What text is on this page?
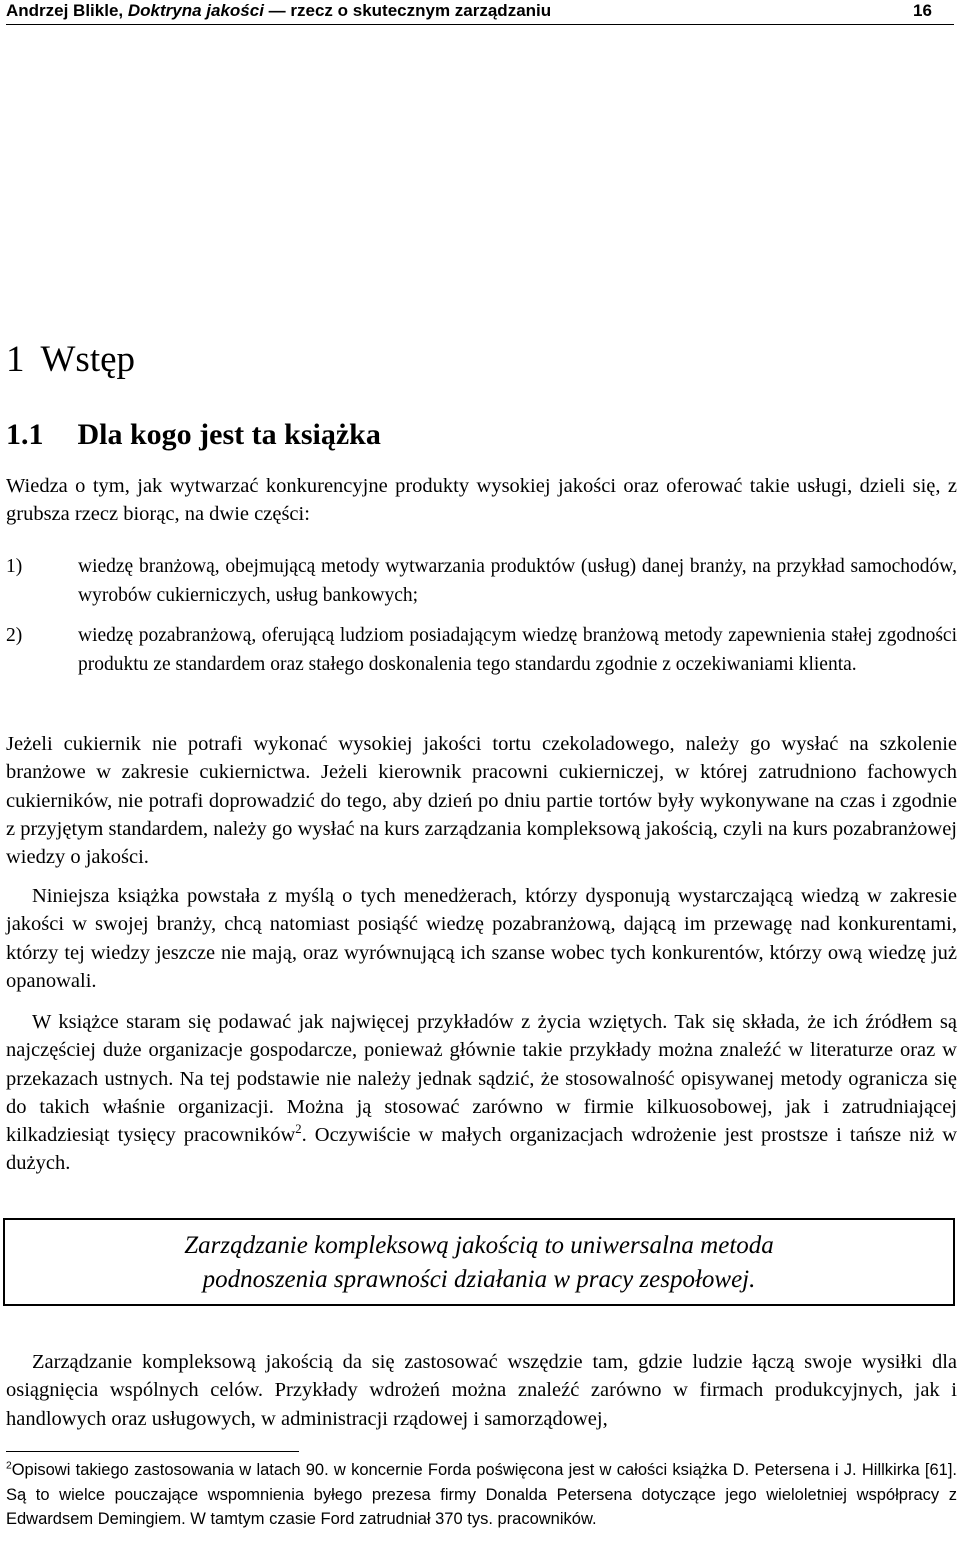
Andrzej Blikle, Doktryna jakości — rzecz o skutecznym zarządzaniu	16
1 Wstęp
1.1 Dla kogo jest ta książka

Wiedza o tym, jak wytwarzać konkurencyjne produkty wysokiej jakości oraz oferować takie usługi, dzieli się, z grubsza rzecz biorąc, na dwie części:

1)	wiedzę branżową, obejmującą metody wytwarzania produktów (usług) danej branży, na przykład samochodów, wyrobów cukierniczych, usług bankowych;

2)	wiedzę pozabranżową, oferującą ludziom posiadającym wiedzę branżową metody zapewnienia stałej zgodności produktu ze standardem oraz stałego doskonalenia tego standardu zgodnie z oczekiwaniami klienta.

Jeżeli cukiernik nie potrafi wykonać wysokiej jakości tortu czekoladowego, należy go wysłać na szkolenie branżowe w zakresie cukiernictwa. Jeżeli kierownik pracowni cukierniczej, w której zatrudniono fachowych cukierników, nie potrafi doprowadzić do tego, aby dzień po dniu partie tortów były wykonywane na czas i zgodnie z przyjętym standardem, należy go wysłać na kurs zarządzania kompleksową jakością, czyli na kurs pozabranżowej wiedzy o jakości.

Niniejsza książka powstała z myślą o tych menedżerach, którzy dysponują wystarczającą wiedzą w zakresie jakości w swojej branży, chcą natomiast posiąść wiedzę pozabranżową, dającą im przewagę nad konkurentami, którzy tej wiedzy jeszcze nie mają, oraz wyrównującą ich szanse wobec tych konkurentów, którzy ową wiedzę już opanowali.

W książce staram się podawać jak najwięcej przykładów z życia wziętych. Tak się składa, że ich źródłem są najczęściej duże organizacje gospodarcze, ponieważ głównie takie przykłady można znaleźć w literaturze oraz w przekazach ustnych. Na tej podstawie nie należy jednak sądzić, że stosowalność opisywanej metody ogranicza się do takich właśnie organizacji. Można ją stosować zarówno w firmie kilkuosobowej, jak i zatrudniającej kilkadziesiąt tysięcy pracowników$^2$. Oczywiście w małych organizacjach wdrożenie jest prostsze i tańsze niż w dużych.

Zarządzanie kompleksową jakością to uniwersalna metoda

podnoszenia sprawności działania w pracy zespołowej.

Zarządzanie kompleksową jakością da się zastosować wszędzie tam, gdzie ludzie łączą swoje wysiłki dla osiągnięcia wspólnych celów. Przykłady wdrożeń można znaleźć zarówno w firmach produkcyjnych, jak i handlowych oraz usługowych, w administracji rządowej i samorządowej,

$^2$Opisowi takiego zastosowania w latach 90. w koncernie Forda poświęcona jest w całości książka D. Petersena i J. Hillkirka [61]. Są to wielce pouczające wspomnienia byłego prezesa firmy Donalda Petersena dotyczące jego wieloletniej współpracy z Edwardsem Demingiem. W tamtym czasie Ford zatrudniał 370 tys. pracowników.
